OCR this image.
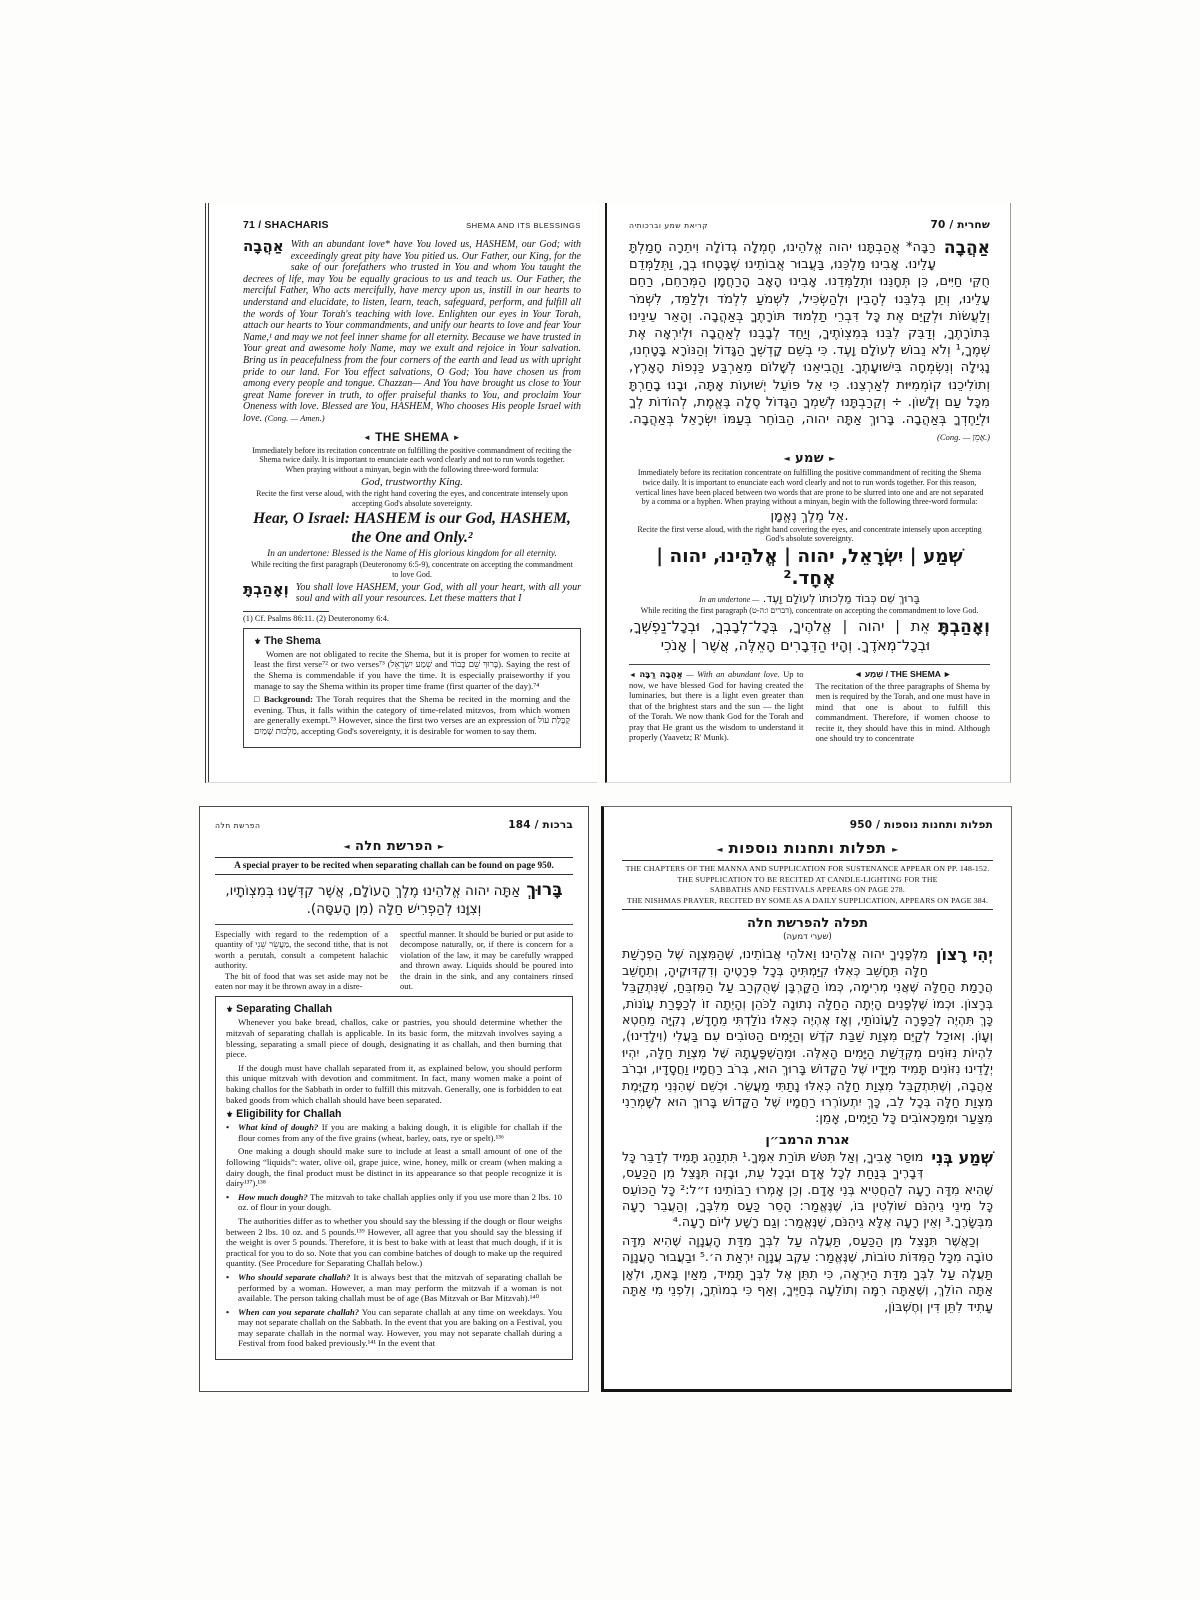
71 / SHACHARIS	SHEMA AND ITS BLESSINGS

אַהֲבָה With an abundant love* have You loved us, HASHEM, our God; with exceedingly great pity have You pitied us. Our Father, our King, for the sake of our forefathers who trusted in You and whom You taught the decrees of life, may You be equally gracious to us and teach us. Our Father, the merciful Father, Who acts mercifully, have mercy upon us, instill in our hearts to understand and elucidate, to listen, learn, teach, safeguard, perform, and fulfill all the words of Your Torah's teaching with love. Enlighten our eyes in Your Torah, attach our hearts to Your commandments, and unify our hearts to love and fear Your Name,¹ and may we not feel inner shame for all eternity. Because we have trusted in Your great and awesome holy Name, may we exult and rejoice in Your salvation. Bring us in peacefulness from the four corners of the earth and lead us with upright pride to our land. For You effect salvations, O God; You have chosen us from among every people and tongue. Chazzan— And You have brought us close to Your great Name forever in truth, to offer praiseful thanks to You, and proclaim Your Oneness with love. Blessed are You, HASHEM, Who chooses His people Israel with love. (Cong. — Amen.)

◄ THE SHEMA ►
Immediately before its recitation concentrate on fulfilling the positive commandment of reciting the Shema twice daily. It is important to enunciate each word clearly and not to run words together. When praying without a minyan, begin with the following three-word formula:
God, trustworthy King.
Recite the first verse aloud, with the right hand covering the eyes, and concentrate intensely upon accepting God's absolute sovereignty.
Hear, O Israel: HASHEM is our God, HASHEM, the One and Only.²
In an undertone: Blessed is the Name of His glorious kingdom for all eternity.
While reciting the first paragraph (Deuteronomy 6:5-9), concentrate on accepting the commandment to love God.

וְאָהַבְתָּ You shall love HASHEM, your God, with all your heart, with all your soul and with all your resources. Let these matters that I

(1) Cf. Psalms 86:11. (2) Deuteronomy 6:4.
⚜ The Shema

Women are not obligated to recite the Shema, but it is proper for women to recite at least the first verse⁷² or two verses⁷³ (שְׁמַע יִשְׂרָאֵל and בָּרוּךְ שֵׁם כָּבוֹד). Saying the rest of the Shema is commendable if you have the time. It is especially praiseworthy if you manage to say the Shema within its proper time frame (first quarter of the day).⁷⁴

□ Background: The Torah requires that the Shema be recited in the morning and the evening. Thus, it falls within the category of time-related mitzvos, from which women are generally exempt.⁷⁵ However, since the first two verses are an expression of קַבָּלַת עוֹל מַלְכוּת שָׁמַיִם, accepting God's sovereignty, it is desirable for women to say them.

קריאת שמע וברכותיה	70 / שחרית

אַהֲבָה
רַבָּה* אֲהַבְתָּנוּ יהוה אֱלֹהֵינוּ, חֶמְלָה גְדוֹלָה וִיתֵרָה חָמַלְתָּ עָלֵינוּ. אָבִינוּ מַלְכֵּנוּ, בַּעֲבוּר אֲבוֹתֵינוּ שֶׁבָּטְחוּ בְךָ, וַתְּלַמְּדֵם חֻקֵּי חַיִּים, כֵּן תְּחָנֵּנוּ וּתְלַמְּדֵנוּ. אָבִינוּ הָאָב הָרַחֲמָן הַמְּרַחֵם, רַחֵם עָלֵינוּ, וְתֵן בְּלִבֵּנוּ לְהָבִין וּלְהַשְׂכִּיל, לִשְׁמֹעַ לִלְמֹד וּלְלַמֵּד, לִשְׁמֹר וְלַעֲשׂוֹת וּלְקַיֵּם אֶת כָּל דִּבְרֵי תַלְמוּד תּוֹרָתֶךָ בְּאַהֲבָה. וְהָאֵר עֵינֵינוּ בְּתוֹרָתֶךָ, וְדַבֵּק לִבֵּנוּ בְּמִצְוֹתֶיךָ, וְיַחֵד לְבָבֵנוּ לְאַהֲבָה וּלְיִרְאָה אֶת שְׁמֶךָ,¹ וְלֹא נֵבוֹשׁ לְעוֹלָם וָעֶד. כִּי בְשֵׁם קָדְשְׁךָ הַגָּדוֹל וְהַנּוֹרָא בָּטָחְנוּ, נָגִילָה וְנִשְׂמְחָה בִּישׁוּעָתֶךָ. וַהֲבִיאֵנוּ לְשָׁלוֹם מֵאַרְבַּע כַּנְפוֹת הָאָרֶץ, וְתוֹלִיכֵנוּ קוֹמְמִיּוּת לְאַרְצֵנוּ. כִּי אֵל פּוֹעֵל יְשׁוּעוֹת אָתָּה, וּבָנוּ בָחַרְתָּ מִכָּל עַם וְלָשׁוֹן. ÷ וְקֵרַבְתָּנוּ לְשִׁמְךָ הַגָּדוֹל סֶלָה בֶּאֱמֶת, לְהוֹדוֹת לְךָ וּלְיַחֶדְךָ בְּאַהֲבָה. בָּרוּךְ אַתָּה יהוה, הַבּוֹחֵר בְּעַמּוֹ יִשְׂרָאֵל בְּאַהֲבָה. (Cong. — אָמֵן.)

◄ שמע ►
Immediately before its recitation concentrate on fulfilling the positive commandment of reciting the Shema twice daily. It is important to enunciate each word clearly and not to run words together. For this reason, vertical lines have been placed between two words that are prone to be slurred into one and are not separated by a comma or a hyphen. When praying without a minyan, begin with the following three-word formula:
אֵל מֶלֶךְ נֶאֱמָן.
Recite the first verse aloud, with the right hand covering the eyes, and concentrate intensely upon accepting God's absolute sovereignty.
שְׁמַע | יִשְׂרָאֵל, יהוה | אֱלֹהֵינוּ, יהוה | אֶחָד.²
בָּרוּךְ שֵׁם כְּבוֹד מַלְכוּתוֹ לְעוֹלָם וָעֶד. — In an undertone
While reciting the first paragraph (דברים ו:ה-ט), concentrate on accepting the commandment to love God.

וְאָהַבְתָּ
אֵת | יהוה | אֱלֹהֶיךָ, בְּכָל־לְבָבְךָ, וּבְכָל־נַפְשְׁךָ, וּבְכָל־מְאֹדֶךָ. וְהָיוּ הַדְּבָרִים הָאֵלֶּה, אֲשֶׁר | אָנֹכִי

◄ אַהֲבָה רַבָּה — With an abundant love. Up to now, we have blessed God for having created the luminaries, but there is a light even greater than that of the brightest stars and the sun — the light of the Torah. We now thank God for the Torah and pray that He grant us the wisdom to understand it properly (Yaavetz; R' Munk).
◄ שְׁמַע / THE SHEMA ►
The recitation of the three paragraphs of Shema by men is required by the Torah, and one must have in mind that one is about to fulfill this commandment. Therefore, if women choose to recite it, they should have this in mind. Although one should try to concentrate
הפרשת חלה	184 / ברכות
◄ הפרשת חלה ►
A special prayer to be recited when separating challah can be found on page 950.

בָּרוּךְאַתָּה יהוה אֱלֹהֵינוּ מֶלֶךְ הָעוֹלָם, אֲשֶׁר קִדְּשָׁנוּ בְּמִצְוֹתָיו, וְצִוָּנוּ לְהַפְרִישׁ חַלָּה (מִן הָעִסָּה).

Especially with regard to the redemption of a quantity of מַעֲשֵׂר שֵׁנִי, the second tithe, that is not worth a perutah, consult a competent halachic authority.

The bit of food that was set aside may not be eaten nor may it be thrown away in a disre-

spectful manner. It should be buried or put aside to decompose naturally, or, if there is concern for a violation of the law, it may be carefully wrapped and thrown away. Liquids should be poured into the drain in the sink, and any containers rinsed out.
⚜ Separating Challah

Whenever you bake bread, challos, cake or pastries, you should determine whether the mitzvah of separating challah is applicable. In its basic form, the mitzvah involves saying a blessing, separating a small piece of dough, designating it as challah, and then burning that piece.

If the dough must have challah separated from it, as explained below, you should perform this unique mitzvah with devotion and commitment. In fact, many women make a point of baking challos for the Sabbath in order to fulfill this mitzvah. Generally, one is forbidden to eat baked goods from which challah should have been separated.

⚜ Eligibility for Challah

• What kind of dough? If you are making a baking dough, it is eligible for challah if the flour comes from any of the five grains (wheat, barley, oats, rye or spelt).¹³⁶

One making a dough should make sure to include at least a small amount of one of the following “liquids”: water, olive oil, grape juice, wine, honey, milk or cream (when making a dairy dough, the final product must be distinct in its appearance so that people recognize it is dairy¹³⁷).¹³⁸

• How much dough? The mitzvah to take challah applies only if you use more than 2 lbs. 10 oz. of flour in your dough.

The authorities differ as to whether you should say the blessing if the dough or flour weighs between 2 lbs. 10 oz. and 5 pounds.¹³⁹ However, all agree that you should say the blessing if the weight is over 5 pounds. Therefore, it is best to bake with at least that much dough, if it is practical for you to do so. Note that you can combine batches of dough to make up the required quantity. (See Procedure for Separating Challah below.)

• Who should separate challah? It is always best that the mitzvah of separating challah be performed by a woman. However, a man may perform the mitzvah if a woman is not available. The person taking challah must be of age (Bas Mitzvah or Bar Mitzvah).¹⁴⁰

• When can you separate challah? You can separate challah at any time on weekdays. You may not separate challah on the Sabbath. In the event that you are baking on a Festival, you may separate challah in the normal way. However, you may not separate challah during a Festival from food baked previously.¹⁴¹ In the event that

950 / תפלות ותחנות נוספות
◄ תפלות ותחנות נוספות ►
THE CHAPTERS OF THE MANNA AND SUPPLICATION FOR SUSTENANCE APPEAR ON PP. 148-152.
THE SUPPLICATION TO BE RECITED AT CANDLE-LIGHTING FOR THE SABBATHS AND FESTIVALS APPEARS ON PAGE 278.
THE NISHMAS PRAYER, RECITED BY SOME AS A DAILY SUPPLICATION, APPEARS ON PAGE 384.
תפלה להפרשת חלה
(שערי דמעה)

יְהִי רָצוֹן
מִלְּפָנֶיךָ יהוה אֱלֹהֵינוּ וֵאלֹהֵי אֲבוֹתֵינוּ, שֶׁהַמִּצְוָה שֶׁל הַפְרָשַׁת חַלָּה תֵּחָשֵׁב כְּאִלּוּ קִיַּמְתִּיהָ בְּכָל פְּרָטֶיהָ וְדִקְדּוּקֶיהָ, וְתֵחָשֵׁב הֲרָמַת הַחַלָּה שֶׁאֲנִי מְרִימָה, כְּמוֹ הַקָּרְבָּן שֶׁהֻקְרַב עַל הַמִּזְבֵּחַ, שֶׁנִּתְקַבֵּל בְּרָצוֹן. וּכְמוֹ שֶׁלְּפָנִים הָיְתָה הַחַלָּה נְתוּנָה לַכֹּהֵן וְהָיְתָה זוֹ לְכַפָּרַת עֲוֹנוֹת, כָּךְ תִּהְיֶה לְכַפָּרָה לַעֲוֹנוֹתַי, וְאָז אֶהְיֶה כְּאִלּוּ נוֹלַדְתִּי מֵחָדָשׁ, נְקִיָּה מֵחֵטְא וְעָוֹן. וְאוּכַל לְקַיֵּם מִצְוַת שַׁבַּת קֹדֶשׁ וְהַיָּמִים הַטּוֹבִים עִם בַּעֲלִי (וִילָדֵינוּ), לִהְיוֹת נִזּוֹנִים מִקְּדֻשַּׁת הַיָּמִים הָאֵלֶּה. וּמֵהַשְׁפָּעָתָהּ שֶׁל מִצְוַת חַלָּה, יִהְיוּ יְלָדֵינוּ נִזּוֹנִים תָּמִיד מִיָּדָיו שֶׁל הַקָּדוֹשׁ בָּרוּךְ הוּא, בְּרֹב רַחֲמָיו וַחֲסָדָיו, וּבְרֹב אַהֲבָה, וְשֶׁתִּתְקַבֵּל מִצְוַת חַלָּה כְּאִלּוּ נָתַתִּי מַעֲשֵׂר. וּכְשֵׁם שֶׁהִנְּנִי מְקַיֶּמֶת מִצְוַת חַלָּה בְּכָל לֵב, כָּךְ יִתְעוֹרְרוּ רַחֲמָיו שֶׁל הַקָּדוֹשׁ בָּרוּךְ הוּא לְשָׁמְרֵנִי מִצַּעַר וּמִמַּכְאוֹבִים כָּל הַיָּמִים, אָמֵן:

אגרת הרמב״ן

שְׁמַע בְּנִי
מוּסַר אָבִיךָ, וְאַל תִּטֹּשׁ תּוֹרַת אִמֶּךָ.¹ תִּתְנַהֵג תָּמִיד לְדַבֵּר כָּל דְּבָרֶיךָ בְּנַחַת לְכָל אָדָם וּבְכָל עֵת, וּבָזֶה תִּנָּצֵל מִן הַכַּעַס, שֶׁהִיא מִדָּה רָעָה לְהַחֲטִיא בְּנֵי אָדָם. וְכֵן אָמְרוּ רַבּוֹתֵינוּ ז״ל:² כָּל הַכּוֹעֵס כָּל מִינֵי גֵיהִנֹּם שׁוֹלְטִין בּוֹ, שֶׁנֶּאֱמַר: הָסֵר כַּעַס מִלִּבֶּךָ, וְהַעֲבֵר רָעָה מִבְּשָׂרֶךָ.³ וְאֵין רָעָה אֶלָּא גֵיהִנֹּם, שֶׁנֶּאֱמַר: וְגַם רָשָׁע לְיוֹם רָעָה.⁴

וְכַאֲשֶׁר תִּנָּצֵל מִן הַכַּעַס, תַּעֲלֶה עַל לִבְּךָ מִדַּת הָעֲנָוָה שֶׁהִיא מִדָּה טוֹבָה מִכָּל הַמִּדּוֹת טוֹבוֹת, שֶׁנֶּאֱמַר: עֵקֶב עֲנָוָה יִרְאַת ה׳.⁵ וּבַעֲבוּר הָעֲנָוָה תַּעֲלֶה עַל לִבְּךָ מִדַּת הַיִּרְאָה, כִּי תִתֵּן אֶל לִבְּךָ תָּמִיד, מֵאַיִן בָּאתָ, וּלְאָן אַתָּה הוֹלֵךְ, וְשֶׁאַתָּה רִמָּה וְתוֹלֵעָה בְּחַיֶּיךָ, וְאַף כִּי בְמוֹתְךָ, וְלִפְנֵי מִי אַתָּה עָתִיד לִתֵּן דִּין וְחֶשְׁבּוֹן,
